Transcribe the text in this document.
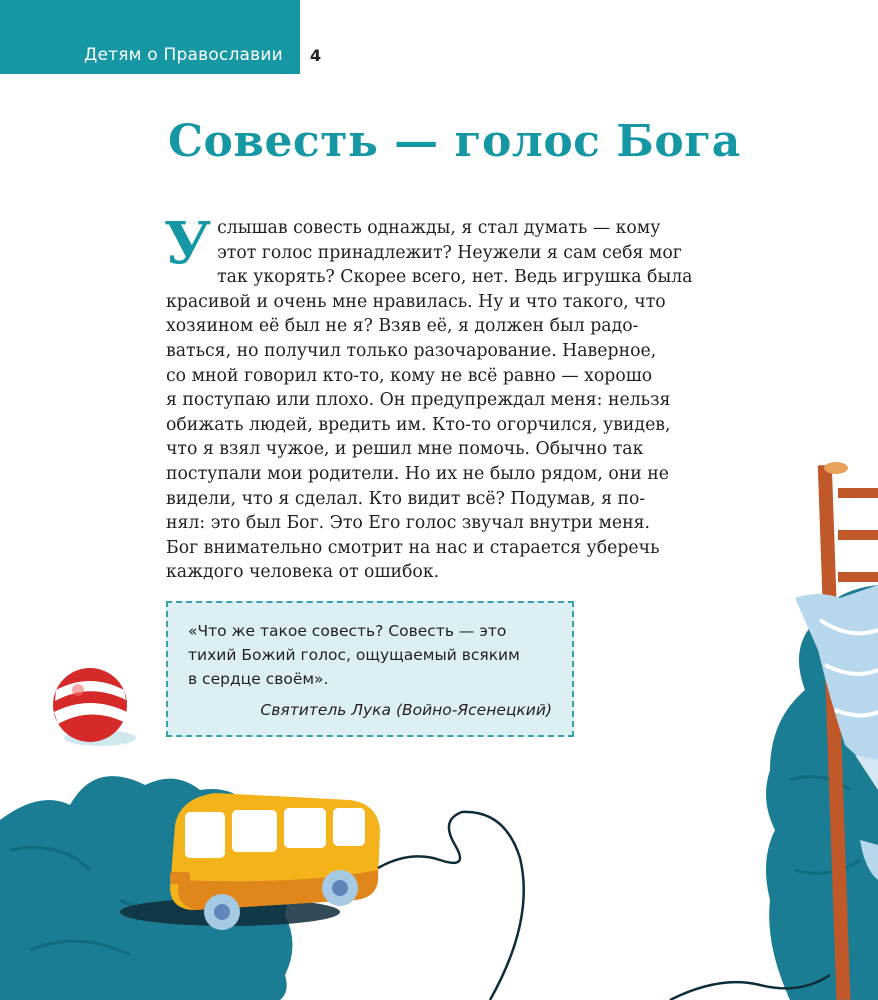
Детям о Православии 4
Совесть — голос Бога
У слышав совесть однажды, я стал думать — кому
этот голос принадлежит? Неужели я сам себя мог
так укорять? Скорее всего, нет. Ведь игрушка была
красивой и очень мне нравилась. Ну и что такого, что
хозяином её был не я? Взяв её, я должен был радо-
ваться, но получил только разочарование. Наверное,
со мной говорил кто-то, кому не всё равно — хорошо
я поступаю или плохо. Он предупреждал меня: нельзя
обижать людей, вредить им. Кто-то огорчился, увидев,
что я взял чужое, и решил мне помочь. Обычно так
поступали мои родители. Но их не было рядом, они не
видели, что я сделал. Кто видит всё? Подумав, я по-
нял: это был Бог. Это Его голос звучал внутри меня.
Бог внимательно смотрит на нас и старается уберечь
каждого человека от ошибок.
«Что же такое совесть? Совесть — это
тихий Божий голос, ощущаемый всяким
в сердце своём».
Святитель Лука (Войно-Ясенецкий)
